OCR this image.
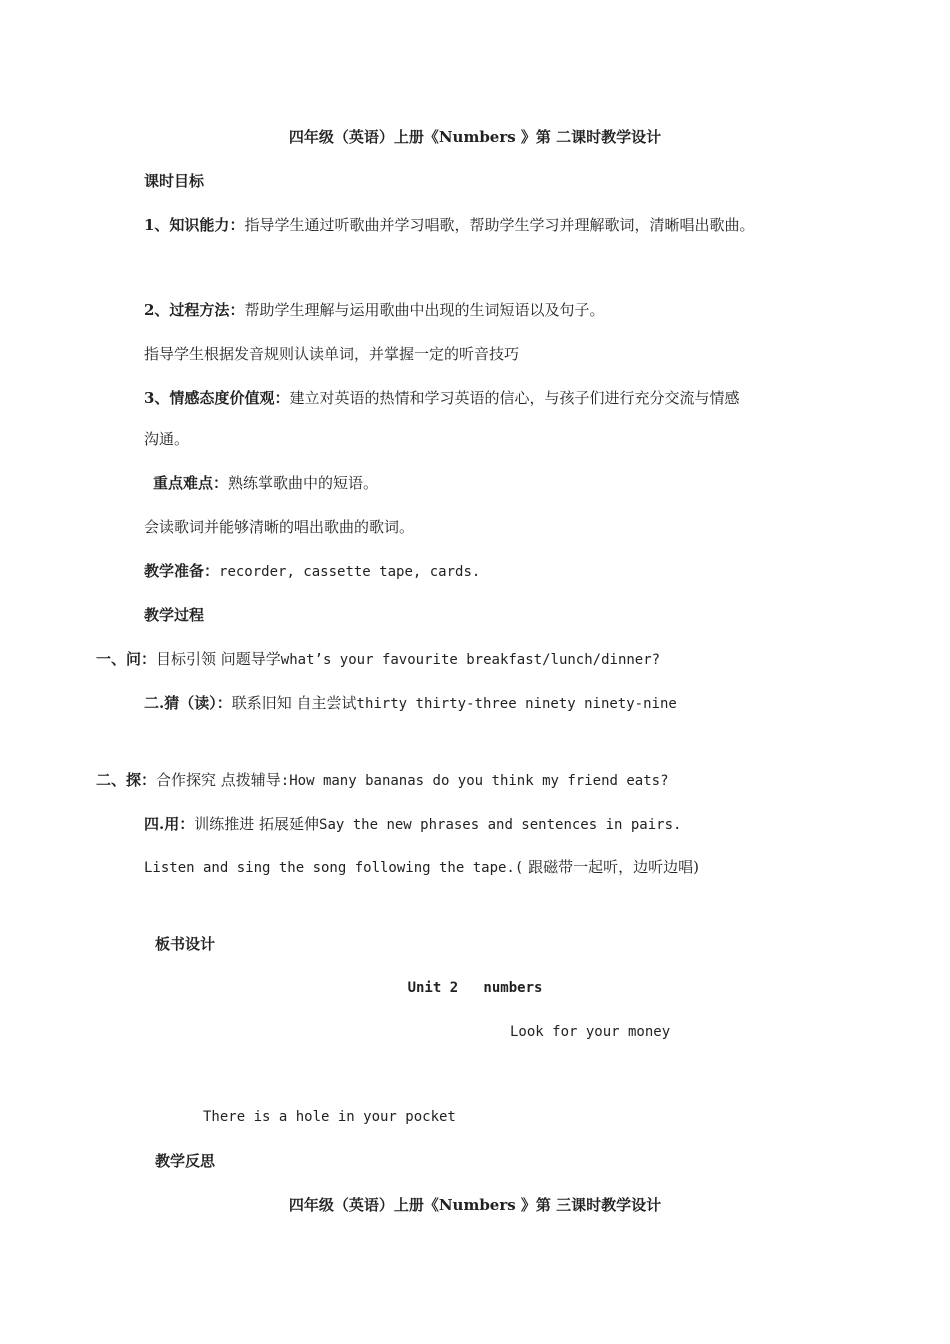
四年级（英语）上册《Numbers 》第 二课时教学设计
课时目标
1、知识能力：指导学生通过听歌曲并学习唱歌，帮助学生学习并理解歌词，清晰唱出歌曲。
2、过程方法：帮助学生理解与运用歌曲中出现的生词短语以及句子。
指导学生根据发音规则认读单词，并掌握一定的听音技巧
3、情感态度价值观：建立对英语的热情和学习英语的信心，与孩子们进行充分交流与情感
沟通。
重点难点：熟练掌歌曲中的短语。
会读歌词并能够清晰的唱出歌曲的歌词。
教学准备：recorder, cassette tape, cards.
教学过程
一、问：目标引领 问题导学what’s your favourite breakfast/lunch/dinner?
二.猜（读）：联系旧知 自主尝试thirty thirty-three ninety ninety-nine
二、探：合作探究 点拨辅导:How many bananas do you think my friend eats?
四.用：训练推进 拓展延伸Say the new phrases and sentences in pairs.
Listen and sing the song following the tape.( 跟磁带一起听，边听边唱)
板书设计
Unit 2   numbers
Look for your money
There is a hole in your pocket
教学反思
四年级（英语）上册《Numbers 》第 三课时教学设计
